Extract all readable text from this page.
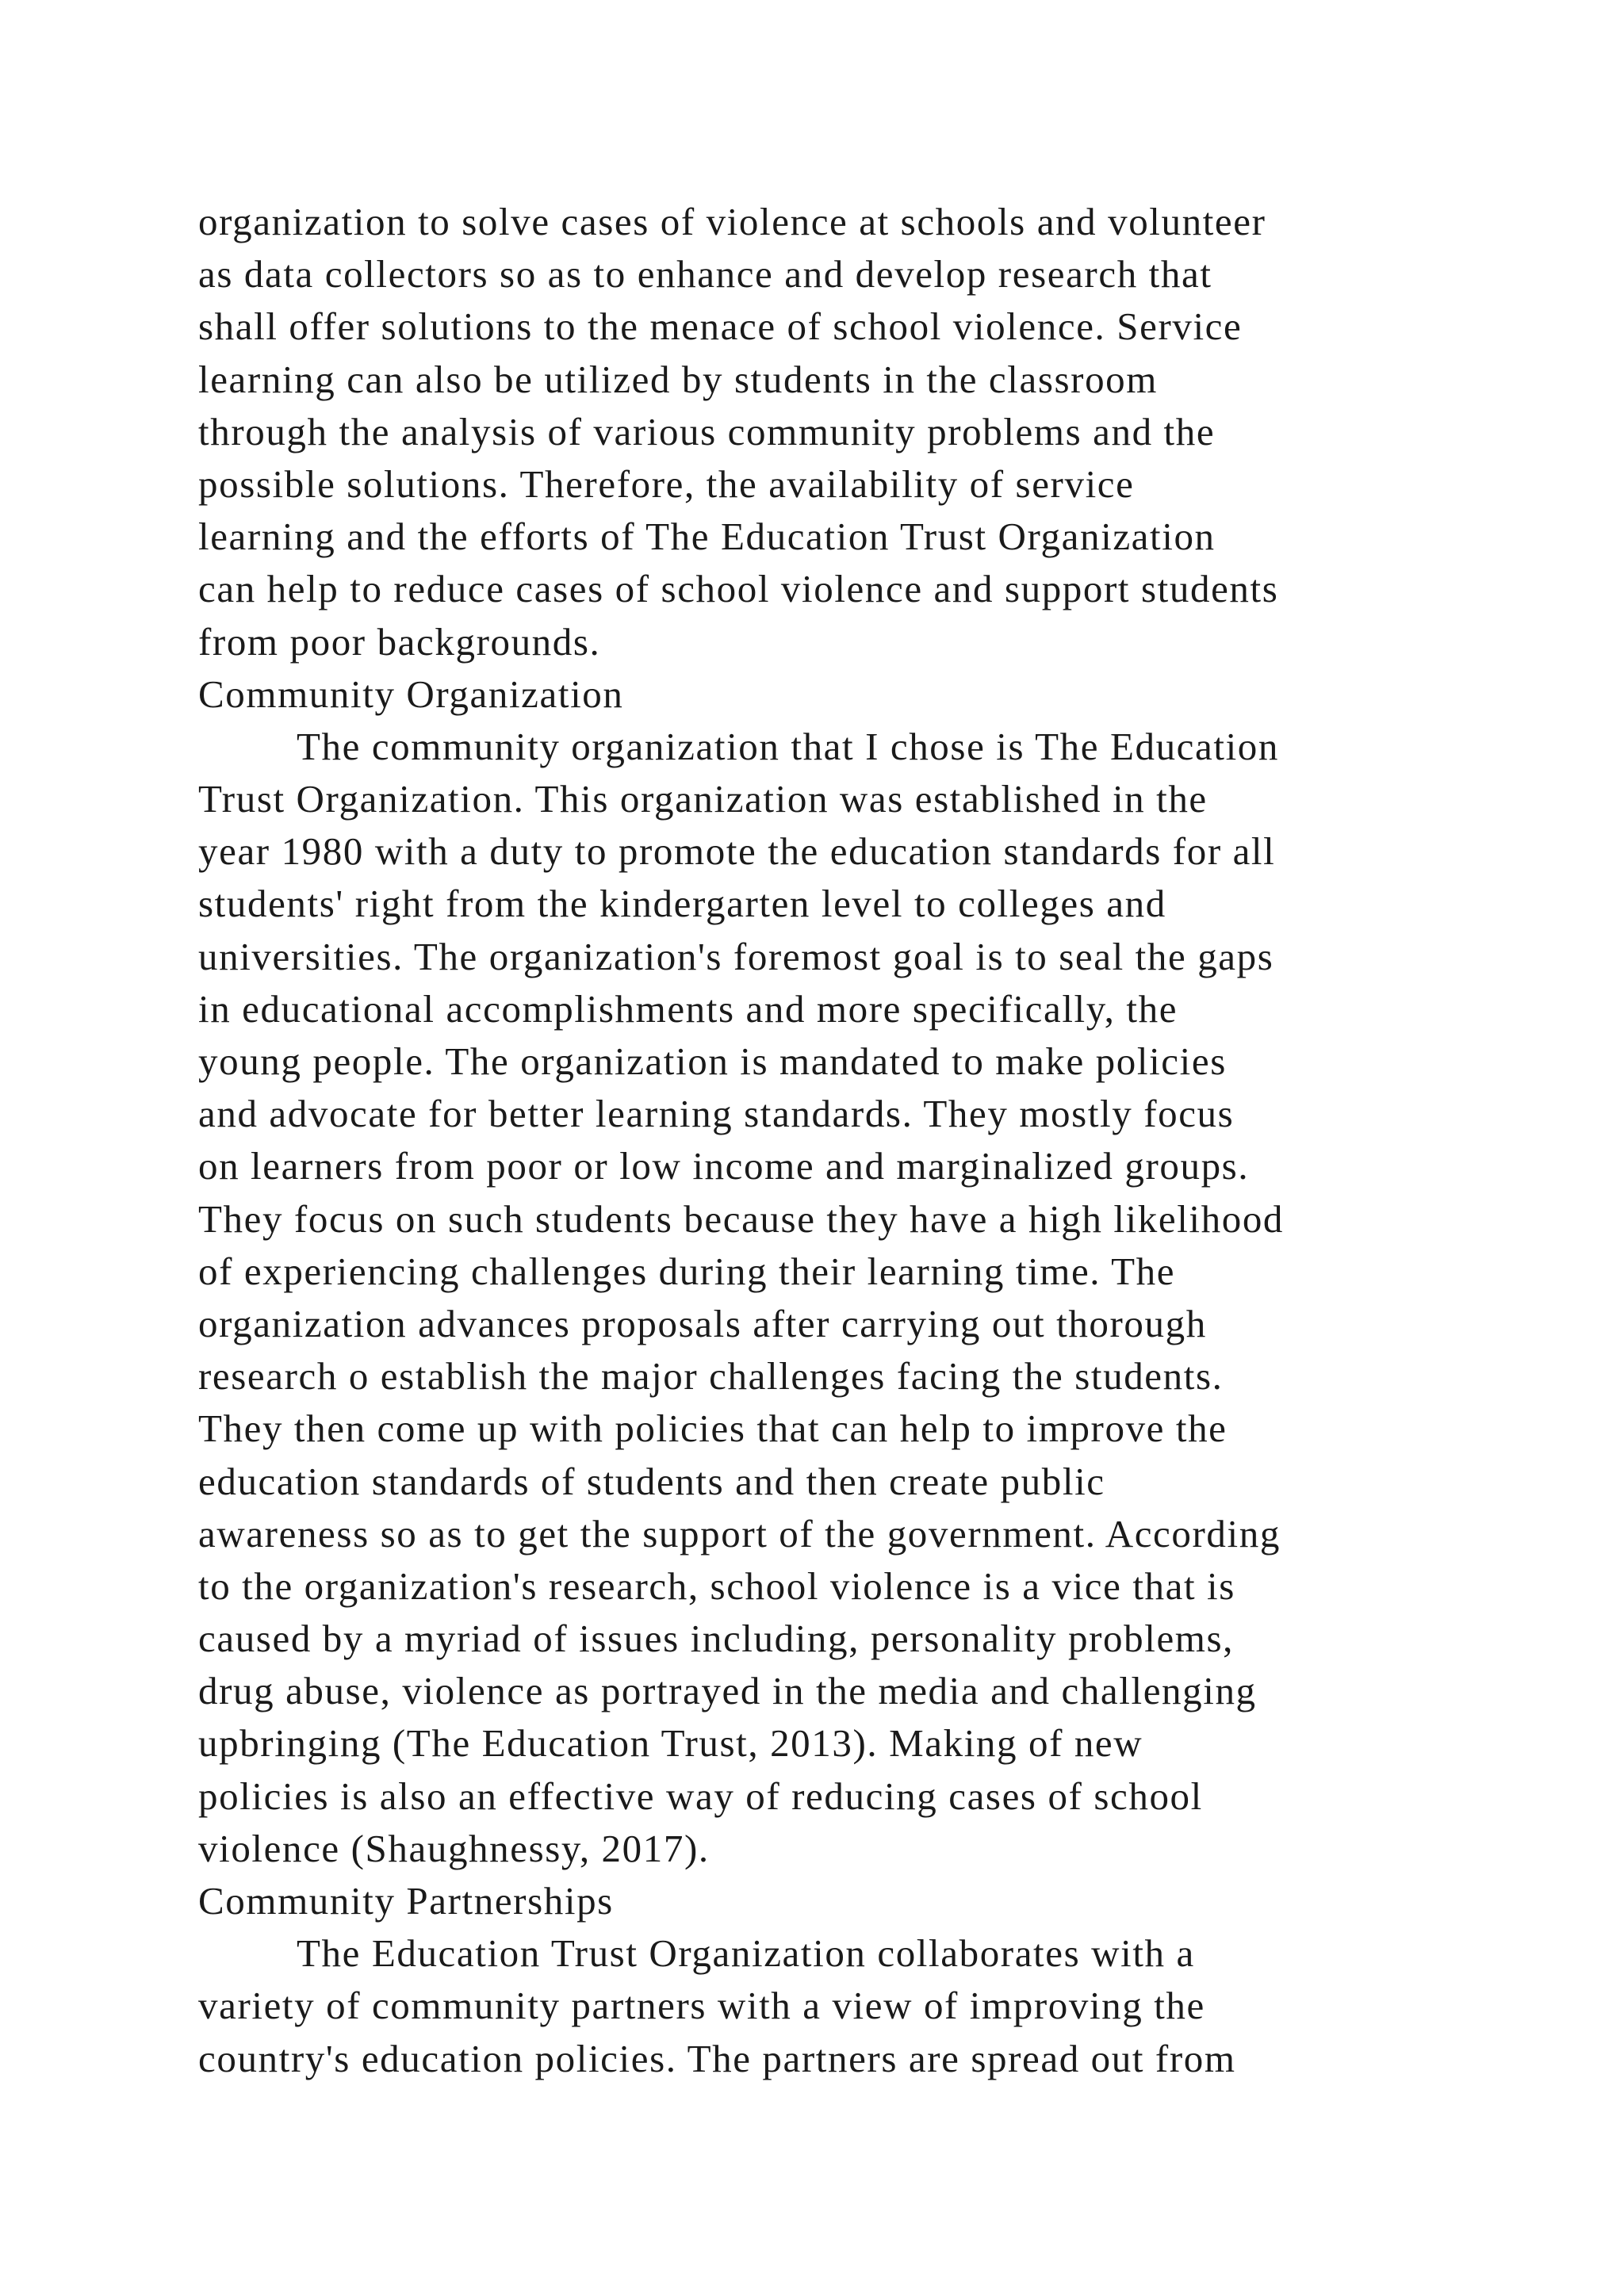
organization to solve cases of violence at schools and volunteer
as data collectors so as to enhance and develop research that
shall offer solutions to the menace of school violence. Service
learning can also be utilized by students in the classroom
through the analysis of various community problems and the
possible solutions. Therefore, the availability of service
learning and the efforts of The Education Trust Organization
can help to reduce cases of school violence and support students
from poor backgrounds.
Community Organization
The community organization that I chose is The Education
Trust Organization. This organization was established in the
year 1980 with a duty to promote the education standards for all
students' right from the kindergarten level to colleges and
universities. The organization's foremost goal is to seal the gaps
in educational accomplishments and more specifically, the
young people. The organization is mandated to make policies
and advocate for better learning standards. They mostly focus
on learners from poor or low income and marginalized groups.
They focus on such students because they have a high likelihood
of experiencing challenges during their learning time. The
organization advances proposals after carrying out thorough
research o establish the major challenges facing the students.
They then come up with policies that can help to improve the
education standards of students and then create public
awareness so as to get the support of the government. According
to the organization's research, school violence is a vice that is
caused by a myriad of issues including, personality problems,
drug abuse, violence as portrayed in the media and challenging
upbringing (The Education Trust, 2013). Making of new
policies is also an effective way of reducing cases of school
violence (Shaughnessy, 2017).
Community Partnerships
The Education Trust Organization collaborates with a
variety of community partners with a view of improving the
country's education policies. The partners are spread out from
